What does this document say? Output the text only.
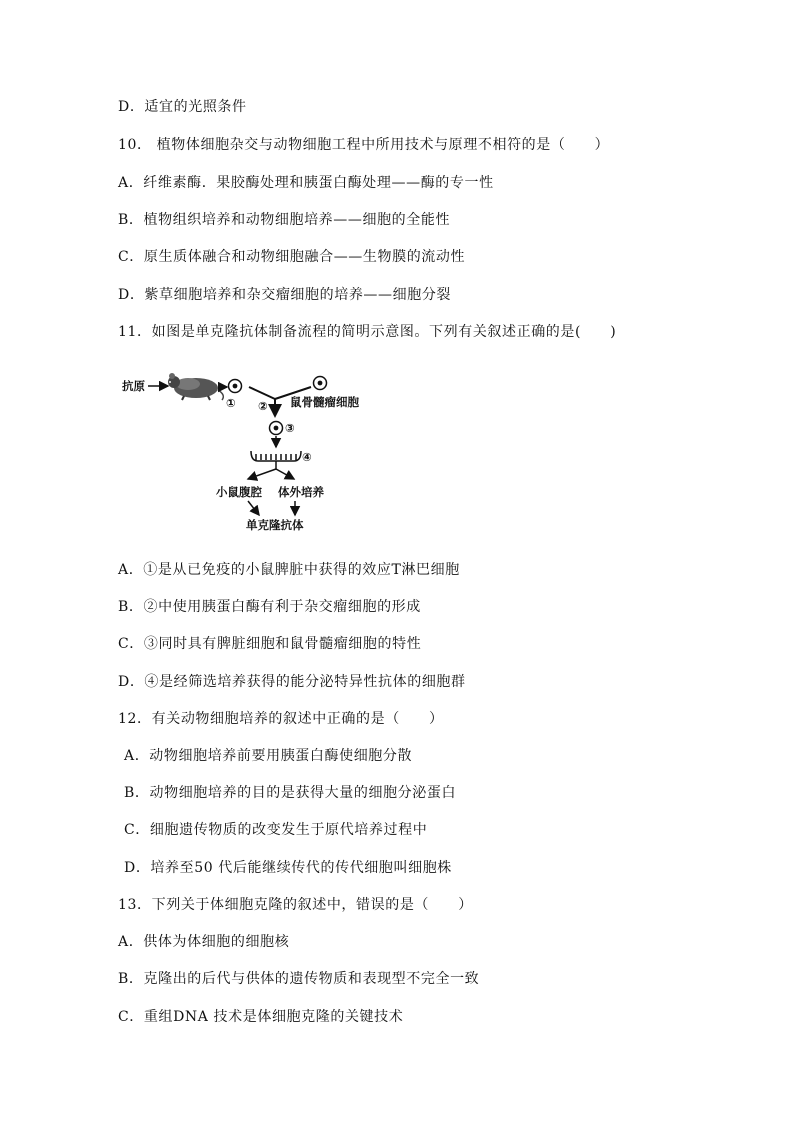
D．适宜的光照条件
10． 植物体细胞杂交与动物细胞工程中所用技术与原理不相符的是（　　）
A．纤维素酶．果胶酶处理和胰蛋白酶处理——酶的专一性
B．植物组织培养和动物细胞培养——细胞的全能性
C．原生质体融合和动物细胞融合——生物膜的流动性
D．紫草细胞培养和杂交瘤细胞的培养——细胞分裂
11．如图是单克隆抗体制备流程的简明示意图。下列有关叙述正确的是(　　)
抗原
①	鼠骨髓瘤细胞
②
③
④
小鼠腹腔 体外培养
单克隆抗体
A．①是从已免疫的小鼠脾脏中获得的效应T淋巴细胞
B．②中使用胰蛋白酶有利于杂交瘤细胞的形成
C．③同时具有脾脏细胞和鼠骨髓瘤细胞的特性
D．④是经筛选培养获得的能分泌特异性抗体的细胞群
12．有关动物细胞培养的叙述中正确的是（　　）
A．动物细胞培养前要用胰蛋白酶使细胞分散
B．动物细胞培养的目的是获得大量的细胞分泌蛋白
C．细胞遗传物质的改变发生于原代培养过程中
D．培养至50 代后能继续传代的传代细胞叫细胞株
13．下列关于体细胞克隆的叙述中，错误的是（　　）
A．供体为体细胞的细胞核
B．克隆出的后代与供体的遗传物质和表现型不完全一致
C．重组DNA 技术是体细胞克隆的关键技术
